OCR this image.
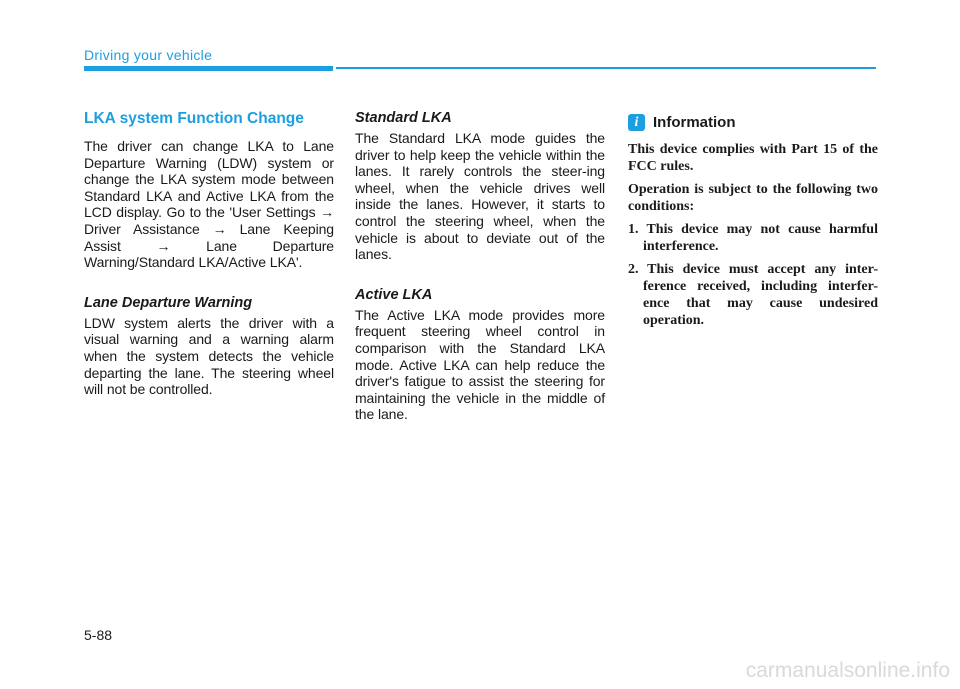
Driving your vehicle
LKA system Function Change

The driver can change LKA to Lane Departure Warning (LDW) system or change the LKA system mode between Standard LKA and Active LKA from the LCD display. Go to the 'User Settings → Driver Assistance → Lane Keeping Assist → Lane Departure Warning/Standard LKA/Active LKA'.

Lane Departure Warning

LDW system alerts the driver with a visual warning and a warning alarm when the system detects the vehicle departing the lane. The steering wheel will not be controlled.

Standard LKA

The Standard LKA mode guides the driver to help keep the vehicle within the lanes. It rarely controls the steer-ing wheel, when the vehicle drives well inside the lanes. However, it starts to control the steering wheel, when the vehicle is about to deviate out of the lanes.

Active LKA

The Active LKA mode provides more frequent steering wheel control in comparison with the Standard LKA mode. Active LKA can help reduce the driver's fatigue to assist the steering for maintaining the vehicle in the middle of the lane.

i Information

This device complies with Part 15 of the FCC rules.

Operation is subject to the following two conditions:

1. This device may not cause harmful interference.
2. This device must accept any inter-ference received, including interfer-ence that may cause undesired operation.
5-88
carmanualsonline.info
